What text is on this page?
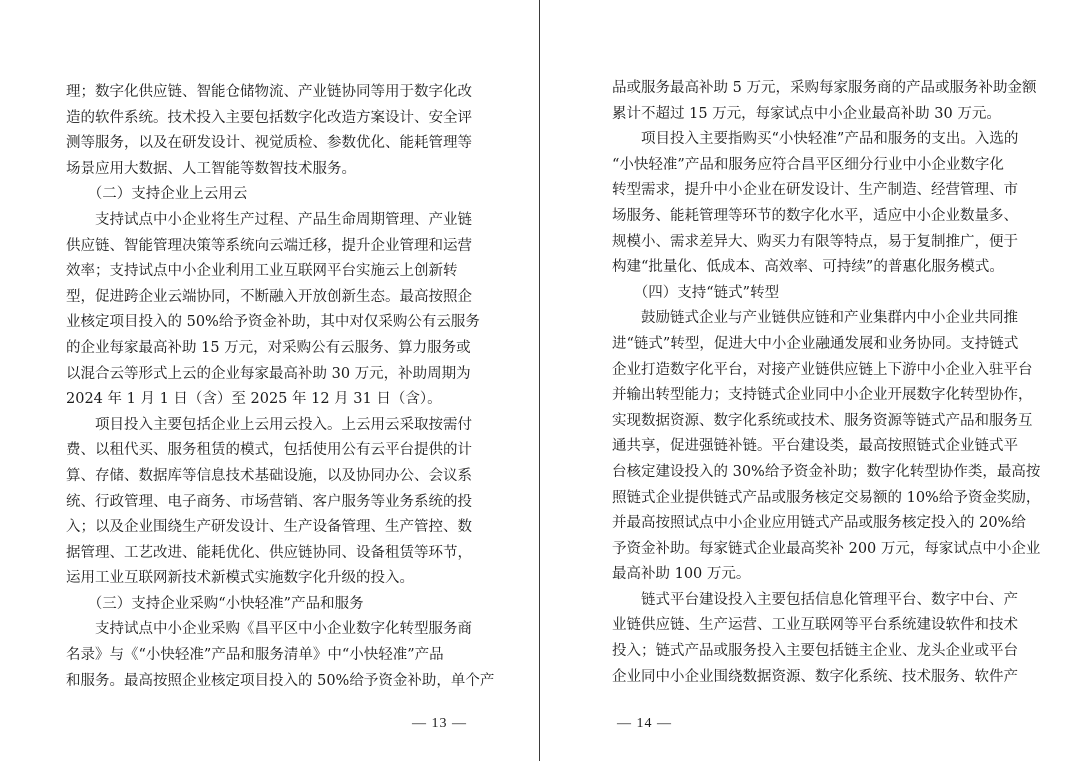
理；数字化供应链、智能仓储物流、产业链协同等用于数字化改
造的软件系统。技术投入主要包括数字化改造方案设计、安全评
测等服务，以及在研发设计、视觉质检、参数优化、能耗管理等
场景应用大数据、人工智能等数智技术服务。
　　（二）支持企业上云用云
　　支持试点中小企业将生产过程、产品生命周期管理、产业链
供应链、智能管理决策等系统向云端迁移，提升企业管理和运营
效率；支持试点中小企业利用工业互联网平台实施云上创新转
型，促进跨企业云端协同，不断融入开放创新生态。最高按照企
业核定项目投入的 50%给予资金补助，其中对仅采购公有云服务
的企业每家最高补助 15 万元，对采购公有云服务、算力服务或
以混合云等形式上云的企业每家最高补助 30 万元，补助周期为
2024 年 1 月 1 日（含）至 2025 年 12 月 31 日（含）。
　　项目投入主要包括企业上云用云投入。上云用云采取按需付
费、以租代买、服务租赁的模式，包括使用公有云平台提供的计
算、存储、数据库等信息技术基础设施，以及协同办公、会议系
统、行政管理、电子商务、市场营销、客户服务等业务系统的投
入；以及企业围绕生产研发设计、生产设备管理、生产管控、数
据管理、工艺改进、能耗优化、供应链协同、设备租赁等环节，
运用工业互联网新技术新模式实施数字化升级的投入。
　　（三）支持企业采购“小快轻准”产品和服务
　　支持试点中小企业采购《昌平区中小企业数字化转型服务商
名录》与《“小快轻准”产品和服务清单》中“小快轻准”产品
和服务。最高按照企业核定项目投入的 50%给予资金补助，单个产
— 13 —
品或服务最高补助 5 万元，采购每家服务商的产品或服务补助金额
累计不超过 15 万元，每家试点中小企业最高补助 30 万元。
　　项目投入主要指购买“小快轻准”产品和服务的支出。入选的
“小快轻准”产品和服务应符合昌平区细分行业中小企业数字化
转型需求，提升中小企业在研发设计、生产制造、经营管理、市
场服务、能耗管理等环节的数字化水平，适应中小企业数量多、
规模小、需求差异大、购买力有限等特点，易于复制推广，便于
构建“批量化、低成本、高效率、可持续”的普惠化服务模式。
　　（四）支持“链式”转型
　　鼓励链式企业与产业链供应链和产业集群内中小企业共同推
进“链式”转型，促进大中小企业融通发展和业务协同。支持链式
企业打造数字化平台，对接产业链供应链上下游中小企业入驻平台
并输出转型能力；支持链式企业同中小企业开展数字化转型协作，
实现数据资源、数字化系统或技术、服务资源等链式产品和服务互
通共享，促进强链补链。平台建设类，最高按照链式企业链式平
台核定建设投入的 30%给予资金补助；数字化转型协作类，最高按
照链式企业提供链式产品或服务核定交易额的 10%给予资金奖励，
并最高按照试点中小企业应用链式产品或服务核定投入的 20%给
予资金补助。每家链式企业最高奖补 200 万元，每家试点中小企业
最高补助 100 万元。
　　链式平台建设投入主要包括信息化管理平台、数字中台、产
业链供应链、生产运营、工业互联网等平台系统建设软件和技术
投入；链式产品或服务投入主要包括链主企业、龙头企业或平台
企业同中小企业围绕数据资源、数字化系统、技术服务、软件产
— 14 —
